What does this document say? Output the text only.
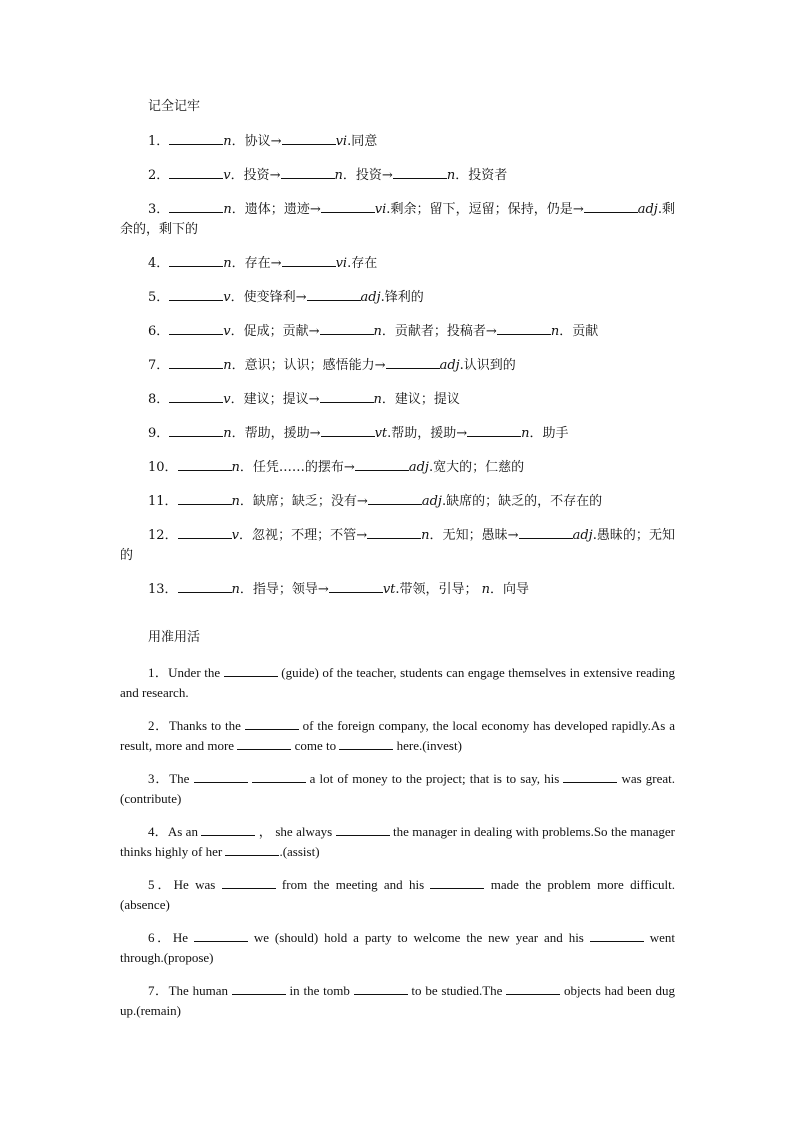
记全记牢

1．	n．协议→	vi.同意

2．	v．投资→	n．投资→	n．投资者

3．	n．遗体；遗迹→	vi.剩余；留下，逗留；保持，仍是→	adj.剩余的，剩下的

4．	n．存在→	vi.存在

5．	v．使变锋利→	adj.锋利的

6．	v．促成；贡献→	n．贡献者；投稿者→	n．贡献

7．	n．意识；认识；感悟能力→	adj.认识到的

8．	v．建议；提议→	n．建议；提议

9．	n．帮助，援助→	vt.帮助，援助→	n．助手

10．	n．任凭……的摆布→	adj.宽大的；仁慈的

11．	n．缺席；缺乏；没有→	adj.缺席的；缺乏的，不存在的

12．	v．忽视；不理；不管→	n．无知；愚昧→	adj.愚昧的；无知的

13．	n．指导；领导→	vt.带领，引导； n．向导

用准用活

1．Under the	(guide) of the teacher, students can engage themselves in extensive reading and research.

2．Thanks to the	of the foreign company, the local economy has developed rapidly.As a result, more and more	come to	here.(invest)

3．The	a lot of money to the project; that is to say, his	was great.(contribute)

4．As an	， she always	the manager in dealing with problems.So the manager thinks highly of her	.(assist)

5．He was	from the meeting and his	made the problem more difficult.(absence)

6．He	we (should) hold a party to welcome the new year and his	went through.(propose)

7．The human	in the tomb	to be studied.The	objects had been dug up.(remain)
